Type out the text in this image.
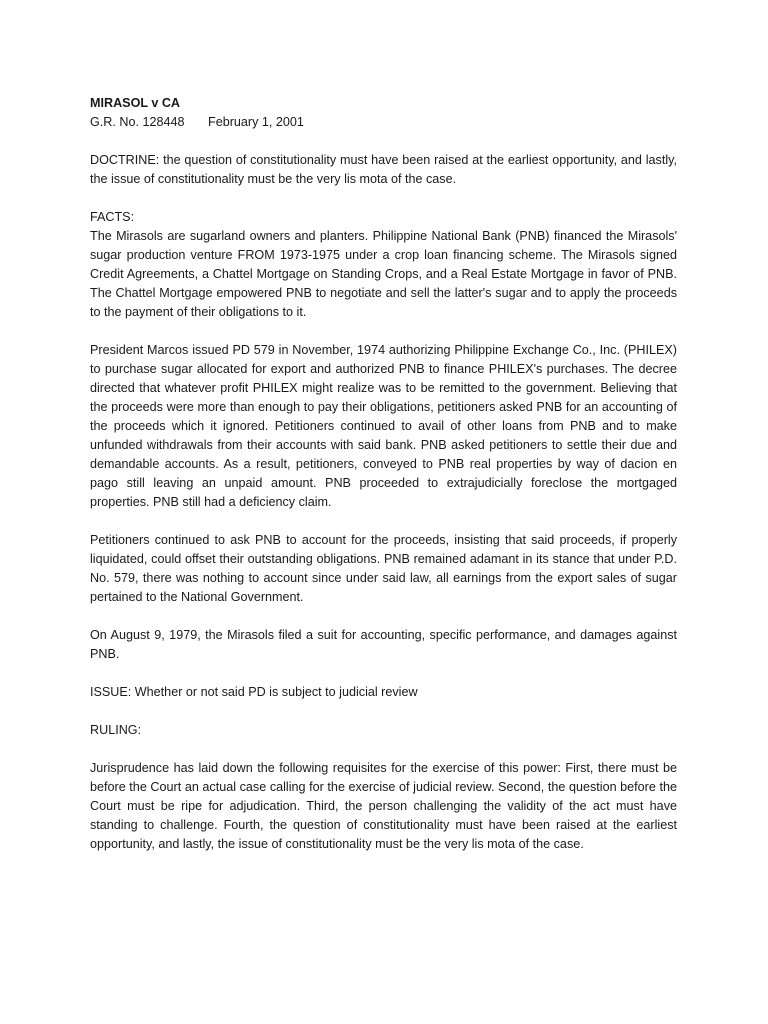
MIRASOL v CA
G.R. No. 128448 February 1, 2001

DOCTRINE: the question of constitutionality must have been raised at the earliest opportunity, and lastly, the issue of constitutionality must be the very lis mota of the case.

FACTS:

The Mirasols are sugarland owners and planters. Philippine National Bank (PNB) financed the Mirasols' sugar production venture FROM 1973-1975 under a crop loan financing scheme. The Mirasols signed Credit Agreements, a Chattel Mortgage on Standing Crops, and a Real Estate Mortgage in favor of PNB. The Chattel Mortgage empowered PNB to negotiate and sell the latter's sugar and to apply the proceeds to the payment of their obligations to it.

President Marcos issued PD 579 in November, 1974 authorizing Philippine Exchange Co., Inc. (PHILEX) to purchase sugar allocated for export and authorized PNB to finance PHILEX's purchases. The decree directed that whatever profit PHILEX might realize was to be remitted to the government. Believing that the proceeds were more than enough to pay their obligations, petitioners asked PNB for an accounting of the proceeds which it ignored. Petitioners continued to avail of other loans from PNB and to make unfunded withdrawals from their accounts with said bank. PNB asked petitioners to settle their due and demandable accounts. As a result, petitioners, conveyed to PNB real properties by way of dacion en pago still leaving an unpaid amount. PNB proceeded to extrajudicially foreclose the mortgaged properties. PNB still had a deficiency claim.

Petitioners continued to ask PNB to account for the proceeds, insisting that said proceeds, if properly liquidated, could offset their outstanding obligations. PNB remained adamant in its stance that under P.D. No. 579, there was nothing to account since under said law, all earnings from the export sales of sugar pertained to the National Government.

On August 9, 1979, the Mirasols filed a suit for accounting, specific performance, and damages against PNB.

ISSUE: Whether or not said PD is subject to judicial review

RULING:

Jurisprudence has laid down the following requisites for the exercise of this power: First, there must be before the Court an actual case calling for the exercise of judicial review. Second, the question before the Court must be ripe for adjudication. Third, the person challenging the validity of the act must have standing to challenge. Fourth, the question of constitutionality must have been raised at the earliest opportunity, and lastly, the issue of constitutionality must be the very lis mota of the case.
